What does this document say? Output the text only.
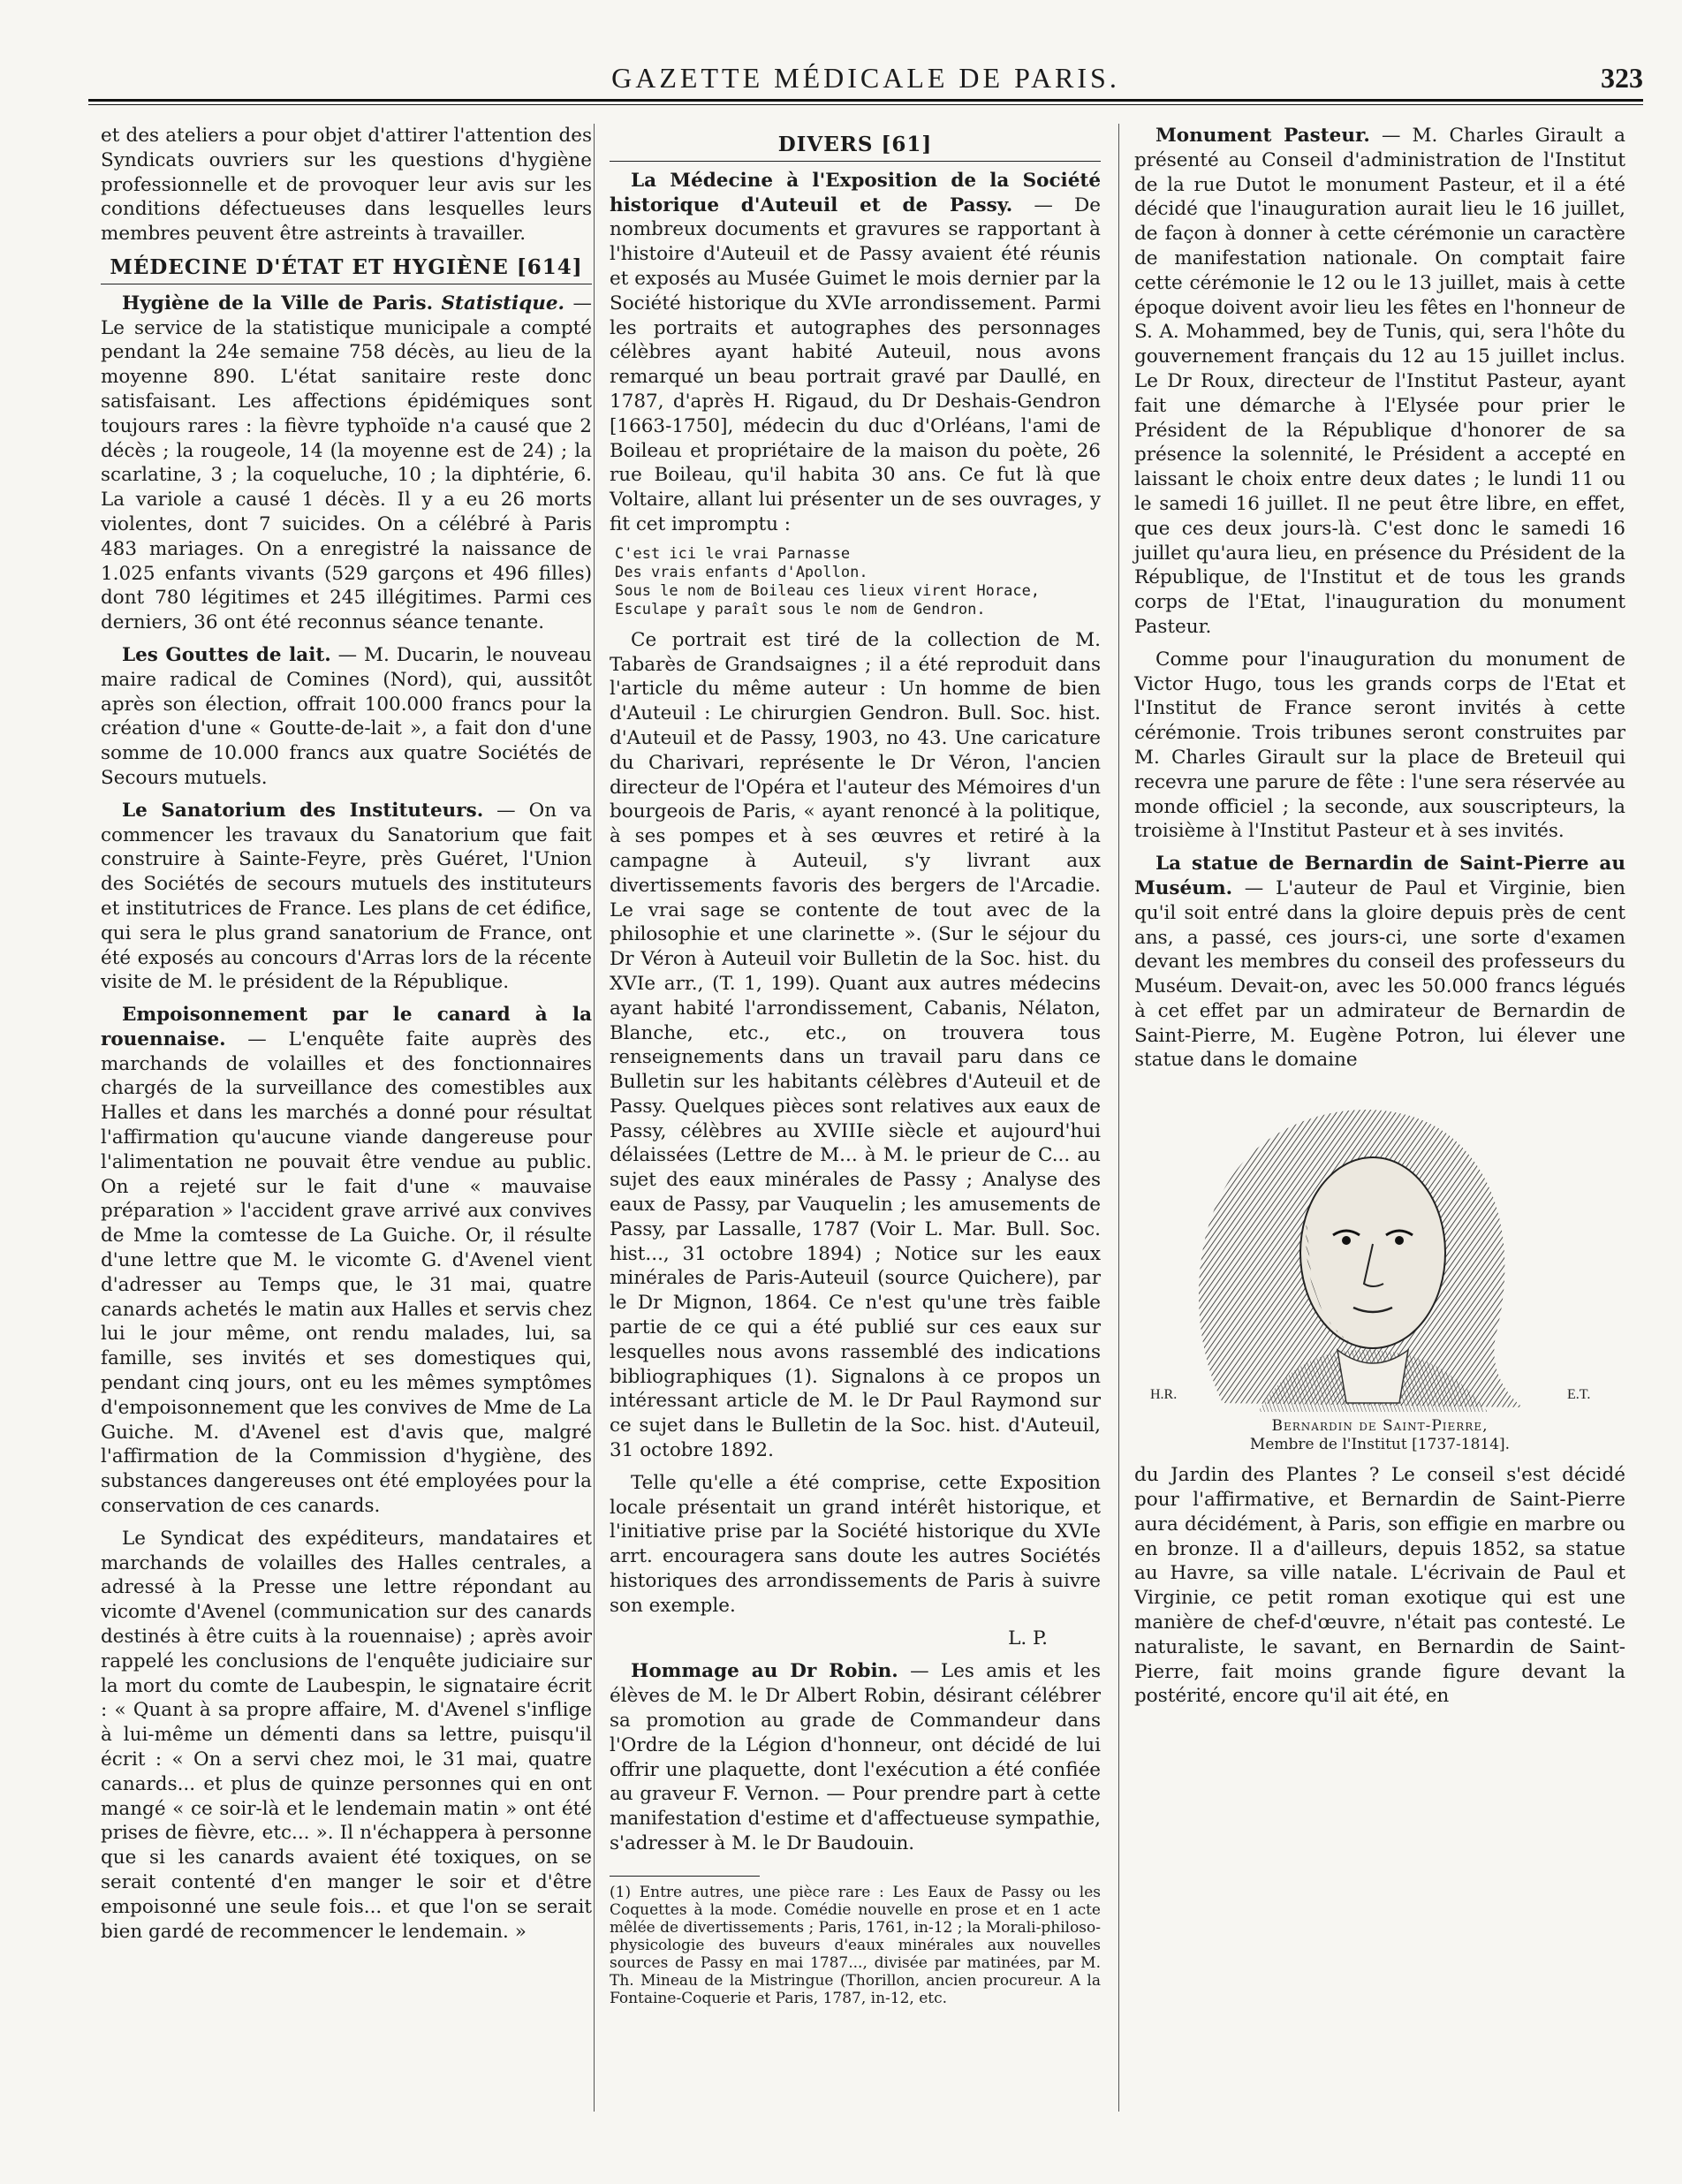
GAZETTE MÉDICALE DE PARIS.	323

et des ateliers a pour objet d'attirer l'attention des Syndicats ouvriers sur les questions d'hygiène professionnelle et de provoquer leur avis sur les conditions défectueuses dans lesquelles leurs membres peuvent être astreints à travailler.

MÉDECINE D'ÉTAT ET HYGIÈNE [614]

Hygiène de la Ville de Paris. Statistique. — Le service de la statistique municipale a compté pendant la 24e semaine 758 décès, au lieu de la moyenne 890. L'état sanitaire reste donc satisfaisant. Les affections épidémiques sont toujours rares : la fièvre typhoïde n'a causé que 2 décès ; la rougeole, 14 (la moyenne est de 24) ; la scarlatine, 3 ; la coqueluche, 10 ; la diphtérie, 6. La variole a causé 1 décès. Il y a eu 26 morts violentes, dont 7 suicides. On a célébré à Paris 483 mariages. On a enregistré la naissance de 1.025 enfants vivants (529 garçons et 496 filles) dont 780 légitimes et 245 illégitimes. Parmi ces derniers, 36 ont été reconnus séance tenante.

Les Gouttes de lait. — M. Ducarin, le nouveau maire radical de Comines (Nord), qui, aussitôt après son élection, offrait 100.000 francs pour la création d'une « Goutte-de-lait », a fait don d'une somme de 10.000 francs aux quatre Sociétés de Secours mutuels.

Le Sanatorium des Instituteurs. — On va commencer les travaux du Sanatorium que fait construire à Sainte-Feyre, près Guéret, l'Union des Sociétés de secours mutuels des instituteurs et institutrices de France. Les plans de cet édifice, qui sera le plus grand sanatorium de France, ont été exposés au concours d'Arras lors de la récente visite de M. le président de la République.

Empoisonnement par le canard à la rouennaise. — L'enquête faite auprès des marchands de volailles et des fonctionnaires chargés de la surveillance des comestibles aux Halles et dans les marchés a donné pour résultat l'affirmation qu'aucune viande dangereuse pour l'alimentation ne pouvait être vendue au public. On a rejeté sur le fait d'une « mauvaise préparation » l'accident grave arrivé aux convives de Mme la comtesse de La Guiche. Or, il résulte d'une lettre que M. le vicomte G. d'Avenel vient d'adresser au Temps que, le 31 mai, quatre canards achetés le matin aux Halles et servis chez lui le jour même, ont rendu malades, lui, sa famille, ses invités et ses domestiques qui, pendant cinq jours, ont eu les mêmes symptômes d'empoisonnement que les convives de Mme de La Guiche. M. d'Avenel est d'avis que, malgré l'affirmation de la Commission d'hygiène, des substances dangereuses ont été employées pour la conservation de ces canards.

Le Syndicat des expéditeurs, mandataires et marchands de volailles des Halles centrales, a adressé à la Presse une lettre répondant au vicomte d'Avenel (communication sur des canards destinés à être cuits à la rouennaise) ; après avoir rappelé les conclusions de l'enquête judiciaire sur la mort du comte de Laubespin, le signataire écrit : « Quant à sa propre affaire, M. d'Avenel s'inflige à lui-même un démenti dans sa lettre, puisqu'il écrit : « On a servi chez moi, le 31 mai, quatre canards... et plus de quinze personnes qui en ont mangé « ce soir-là et le lendemain matin » ont été prises de fièvre, etc... ». Il n'échappera à personne que si les canards avaient été toxiques, on se serait contenté d'en manger le soir et d'être empoisonné une seule fois... et que l'on se serait bien gardé de recommencer le lendemain. »

DIVERS [61]

La Médecine à l'Exposition de la Société historique d'Auteuil et de Passy. — De nombreux documents et gravures se rapportant à l'histoire d'Auteuil et de Passy avaient été réunis et exposés au Musée Guimet le mois dernier par la Société historique du XVIe arrondissement. Parmi les portraits et autographes des personnages célèbres ayant habité Auteuil, nous avons remarqué un beau portrait gravé par Daullé, en 1787, d'après H. Rigaud, du Dr Deshais-Gendron [1663-1750], médecin du duc d'Orléans, l'ami de Boileau et propriétaire de la maison du poète, 26 rue Boileau, qu'il habita 30 ans. Ce fut là que Voltaire, allant lui présenter un de ses ouvrages, y fit cet impromptu :

C'est ici le vrai Parnasse
Des vrais enfants d'Apollon.
Sous le nom de Boileau ces lieux virent Horace,
Esculape y paraît sous le nom de Gendron.

Ce portrait est tiré de la collection de M. Tabarès de Grandsaignes ; il a été reproduit dans l'article du même auteur : Un homme de bien d'Auteuil : Le chirurgien Gendron. Bull. Soc. hist. d'Auteuil et de Passy, 1903, no 43. Une caricature du Charivari, représente le Dr Véron, l'ancien directeur de l'Opéra et l'auteur des Mémoires d'un bourgeois de Paris, « ayant renoncé à la politique, à ses pompes et à ses œuvres et retiré à la campagne à Auteuil, s'y livrant aux divertissements favoris des bergers de l'Arcadie. Le vrai sage se contente de tout avec de la philosophie et une clarinette ». (Sur le séjour du Dr Véron à Auteuil voir Bulletin de la Soc. hist. du XVIe arr., (T. 1, 199). Quant aux autres médecins ayant habité l'arrondissement, Cabanis, Nélaton, Blanche, etc., etc., on trouvera tous renseignements dans un travail paru dans ce Bulletin sur les habitants célèbres d'Auteuil et de Passy. Quelques pièces sont relatives aux eaux de Passy, célèbres au XVIIIe siècle et aujourd'hui délaissées (Lettre de M... à M. le prieur de C... au sujet des eaux minérales de Passy ; Analyse des eaux de Passy, par Vauquelin ; les amusements de Passy, par Lassalle, 1787 (Voir L. Mar. Bull. Soc. hist..., 31 octobre 1894) ; Notice sur les eaux minérales de Paris-Auteuil (source Quichere), par le Dr Mignon, 1864. Ce n'est qu'une très faible partie de ce qui a été publié sur ces eaux sur lesquelles nous avons rassemblé des indications bibliographiques (1). Signalons à ce propos un intéressant article de M. le Dr Paul Raymond sur ce sujet dans le Bulletin de la Soc. hist. d'Auteuil, 31 octobre 1892.

Telle qu'elle a été comprise, cette Exposition locale présentait un grand intérêt historique, et l'initiative prise par la Société historique du XVIe arrt. encouragera sans doute les autres Sociétés historiques des arrondissements de Paris à suivre son exemple.

L. P.

Hommage au Dr Robin. — Les amis et les élèves de M. le Dr Albert Robin, désirant célébrer sa promotion au grade de Commandeur dans l'Ordre de la Légion d'honneur, ont décidé de lui offrir une plaquette, dont l'exécution a été confiée au graveur F. Vernon. — Pour prendre part à cette manifestation d'estime et d'affectueuse sympathie, s'adresser à M. le Dr Baudouin.

(1) Entre autres, une pièce rare : Les Eaux de Passy ou les Coquettes à la mode. Comédie nouvelle en prose et en 1 acte mêlée de divertissements ; Paris, 1761, in-12 ; la Morali-philoso-physicologie des buveurs d'eaux minérales aux nouvelles sources de Passy en mai 1787..., divisée par matinées, par M. Th. Mineau de la Mistringue (Thorillon, ancien procureur. A la Fontaine-Coquerie et Paris, 1787, in-12, etc.

Monument Pasteur. — M. Charles Girault a présenté au Conseil d'administration de l'Institut de la rue Dutot le monument Pasteur, et il a été décidé que l'inauguration aurait lieu le 16 juillet, de façon à donner à cette cérémonie un caractère de manifestation nationale. On comptait faire cette cérémonie le 12 ou le 13 juillet, mais à cette époque doivent avoir lieu les fêtes en l'honneur de S. A. Mohammed, bey de Tunis, qui, sera l'hôte du gouvernement français du 12 au 15 juillet inclus. Le Dr Roux, directeur de l'Institut Pasteur, ayant fait une démarche à l'Elysée pour prier le Président de la République d'honorer de sa présence la solennité, le Président a accepté en laissant le choix entre deux dates ; le lundi 11 ou le samedi 16 juillet. Il ne peut être libre, en effet, que ces deux jours-là. C'est donc le samedi 16 juillet qu'aura lieu, en présence du Président de la République, de l'Institut et de tous les grands corps de l'Etat, l'inauguration du monument Pasteur.

Comme pour l'inauguration du monument de Victor Hugo, tous les grands corps de l'Etat et l'Institut de France seront invités à cette cérémonie. Trois tribunes seront construites par M. Charles Girault sur la place de Breteuil qui recevra une parure de fête : l'une sera réservée au monde officiel ; la seconde, aux souscripteurs, la troisième à l'Institut Pasteur et à ses invités.

La statue de Bernardin de Saint-Pierre au Muséum. — L'auteur de Paul et Virginie, bien qu'il soit entré dans la gloire depuis près de cent ans, a passé, ces jours-ci, une sorte d'examen devant les membres du conseil des professeurs du Muséum. Devait-on, avec les 50.000 francs légués à cet effet par un admirateur de Bernardin de Saint-Pierre, M. Eugène Potron, lui élever une statue dans le domaine

H.R.	E.T.
Bernardin de Saint-Pierre,
Membre de l'Institut [1737-1814].

du Jardin des Plantes ? Le conseil s'est décidé pour l'affirmative, et Bernardin de Saint-Pierre aura décidément, à Paris, son effigie en marbre ou en bronze. Il a d'ailleurs, depuis 1852, sa statue au Havre, sa ville natale. L'écrivain de Paul et Virginie, ce petit roman exotique qui est une manière de chef-d'œuvre, n'était pas contesté. Le naturaliste, le savant, en Bernardin de Saint-Pierre, fait moins grande figure devant la postérité, encore qu'il ait été, en
